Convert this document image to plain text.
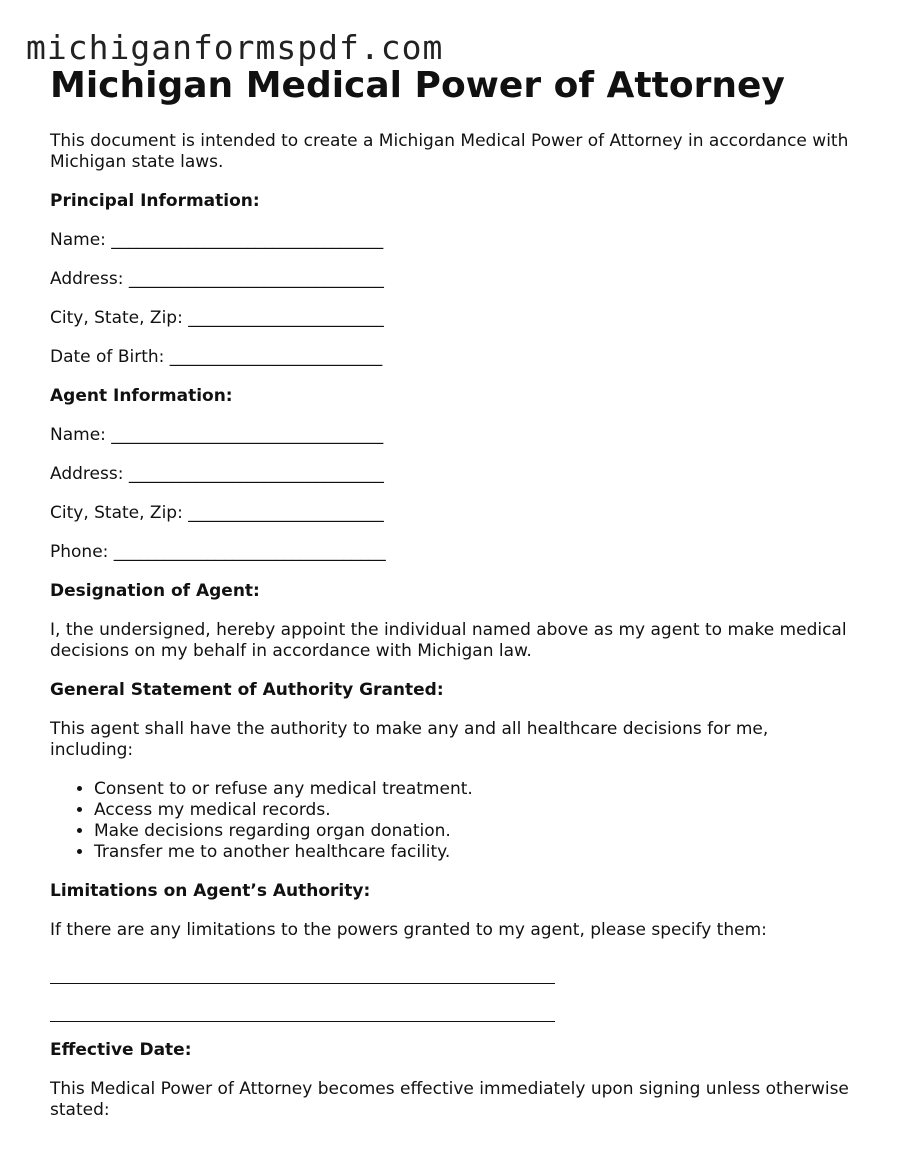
michiganformspdf.com
Michigan Medical Power of Attorney

This document is intended to create a Michigan Medical Power of Attorney in accordance with Michigan state laws.

Principal Information:
Name: ________________________________
Address: ______________________________
City, State, Zip: _______________________
Date of Birth: _________________________
Agent Information:
Name: ________________________________
Address: ______________________________
City, State, Zip: _______________________
Phone: ________________________________
Designation of Agent:

I, the undersigned, hereby appoint the individual named above as my agent to make medical decisions on my behalf in accordance with Michigan law.

General Statement of Authority Granted:

This agent shall have the authority to make any and all healthcare decisions for me, including:

• Consent to or refuse any medical treatment.
• Access my medical records.
• Make decisions regarding organ donation.
• Transfer me to another healthcare facility.
Limitations on Agent’s Authority:

If there are any limitations to the powers granted to my agent, please specify them:

Effective Date:

This Medical Power of Attorney becomes effective immediately upon signing unless otherwise stated:
